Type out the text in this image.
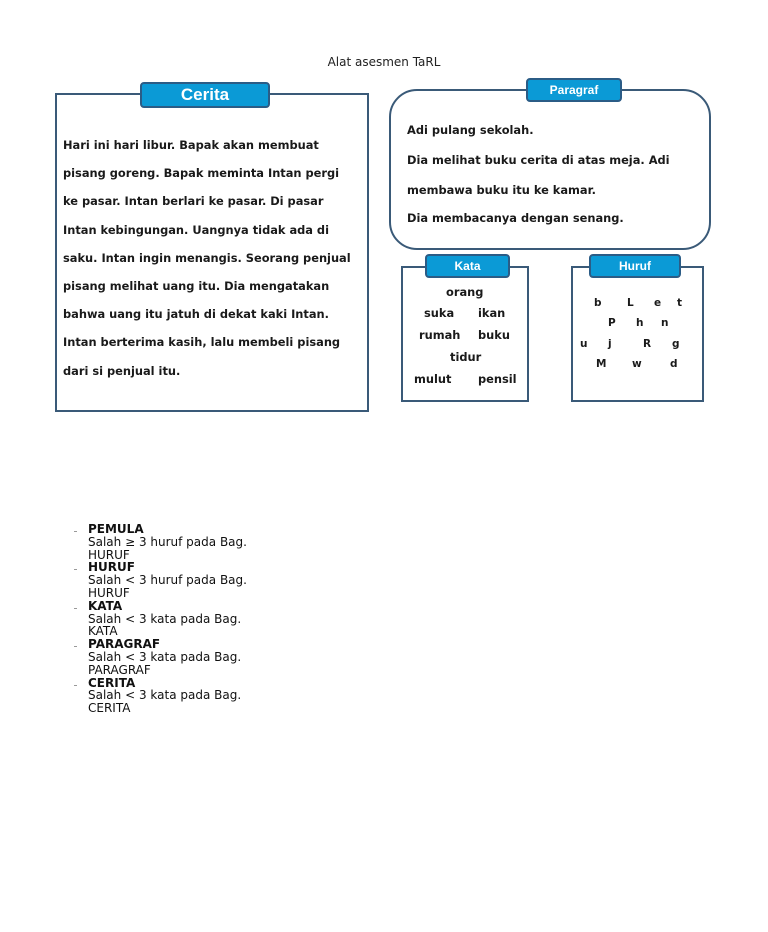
Alat asesmen TaRL
Cerita
Hari ini hari libur. Bapak akan membuat
pisang goreng. Bapak meminta Intan pergi
ke pasar. Intan berlari ke pasar. Di pasar
Intan kebingungan. Uangnya tidak ada di
saku. Intan ingin menangis. Seorang penjual
pisang melihat uang itu. Dia mengatakan
bahwa uang itu jatuh di dekat kaki Intan.
Intan berterima kasih, lalu membeli pisang
dari si penjual itu.
Paragraf
Adi pulang sekolah.
Dia melihat buku cerita di atas meja. Adi
membawa buku itu ke kamar.
Dia membacanya dengan senang.
Kata
orang
suka ikan
rumah buku
tidur
mulut pensil
Huruf
b L e t
P h n
u j	R g
M w	d
PEMULA
Salah ≥ 3 huruf pada Bag. HURUF
HURUF
Salah < 3 huruf pada Bag. HURUF
KATA
Salah < 3 kata pada Bag. KATA
PARAGRAF
Salah < 3 kata pada Bag. PARAGRAF
CERITA
Salah < 3 kata pada Bag. CERITA
